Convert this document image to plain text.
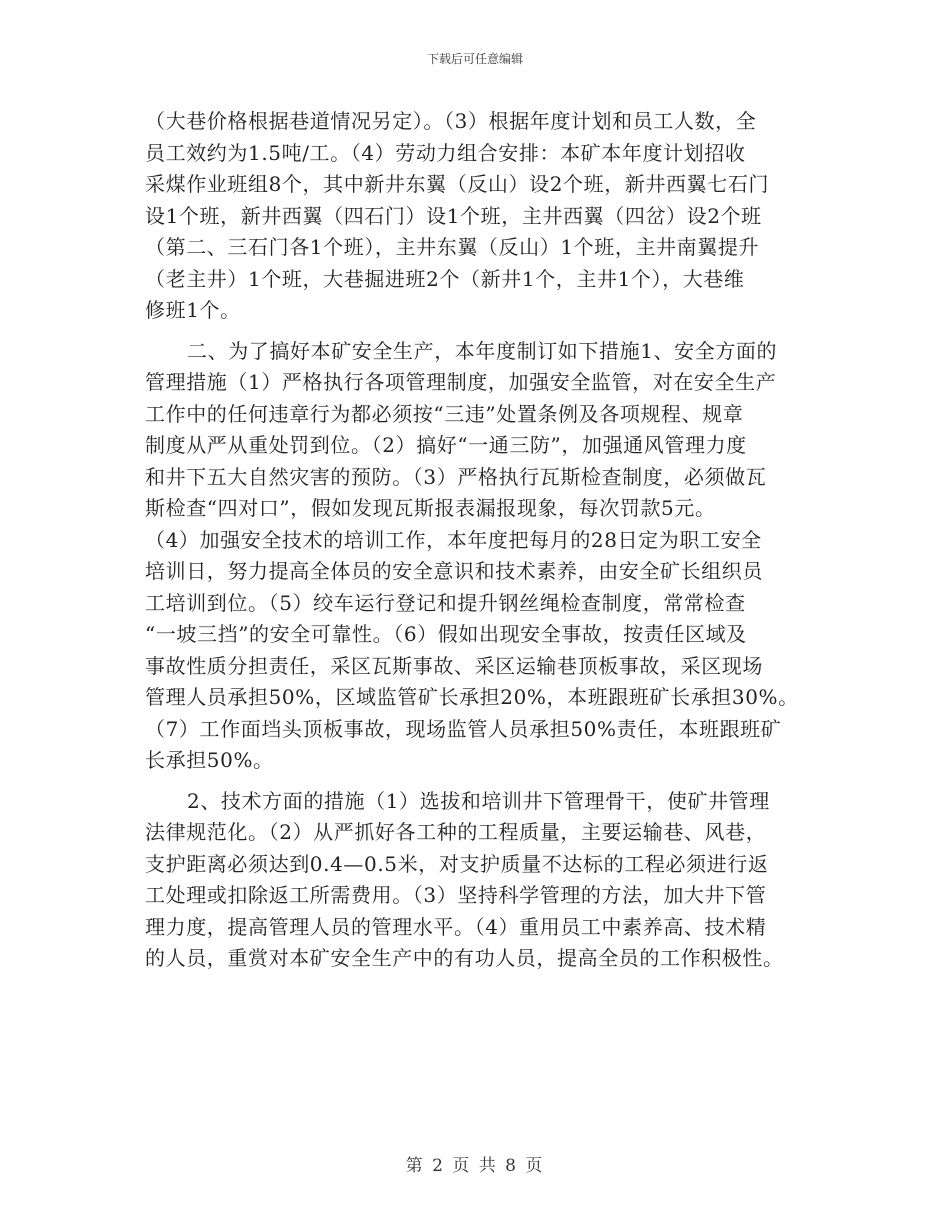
下载后可任意编辑
（大巷价格根据巷道情况另定）。（3）根据年度计划和员工人数，全
员工效约为1.5吨/工。（4）劳动力组合安排：本矿本年度计划招收
采煤作业班组8个，其中新井东翼（反山）设2个班，新井西翼七石门
设1个班，新井西翼（四石门）设1个班，主井西翼（四岔）设2个班
（第二、三石门各1个班），主井东翼（反山）1个班，主井南翼提升
（老主井）1个班，大巷掘进班2个（新井1个，主井1个），大巷维
修班1个。
二、为了搞好本矿安全生产，本年度制订如下措施1、安全方面的
管理措施（1）严格执行各项管理制度，加强安全监管，对在安全生产
工作中的任何违章行为都必须按“三违”处置条例及各项规程、规章
制度从严从重处罚到位。（2）搞好“一通三防”，加强通风管理力度
和井下五大自然灾害的预防。（3）严格执行瓦斯检查制度，必须做瓦
斯检查“四对口”，假如发现瓦斯报表漏报现象，每次罚款5元。
（4）加强安全技术的培训工作，本年度把每月的28日定为职工安全
培训日，努力提高全体员的安全意识和技术素养，由安全矿长组织员
工培训到位。（5）绞车运行登记和提升钢丝绳检查制度，常常检查
“一坡三挡”的安全可靠性。（6）假如出现安全事故，按责任区域及
事故性质分担责任，采区瓦斯事故、采区运输巷顶板事故，采区现场
管理人员承担50%，区域监管矿长承担20%，本班跟班矿长承担30%。
（7）工作面垱头顶板事故，现场监管人员承担50%责任，本班跟班矿
长承担50%。
2、技术方面的措施（1）选拔和培训井下管理骨干，使矿井管理
法律规范化。（2）从严抓好各工种的工程质量，主要运输巷、风巷，
支护距离必须达到0.4—0.5米，对支护质量不达标的工程必须进行返
工处理或扣除返工所需费用。（3）坚持科学管理的方法，加大井下管
理力度，提高管理人员的管理水平。（4）重用员工中素养高、技术精
的人员，重赏对本矿安全生产中的有功人员，提高全员的工作积极性。
第 2 页 共 8 页
